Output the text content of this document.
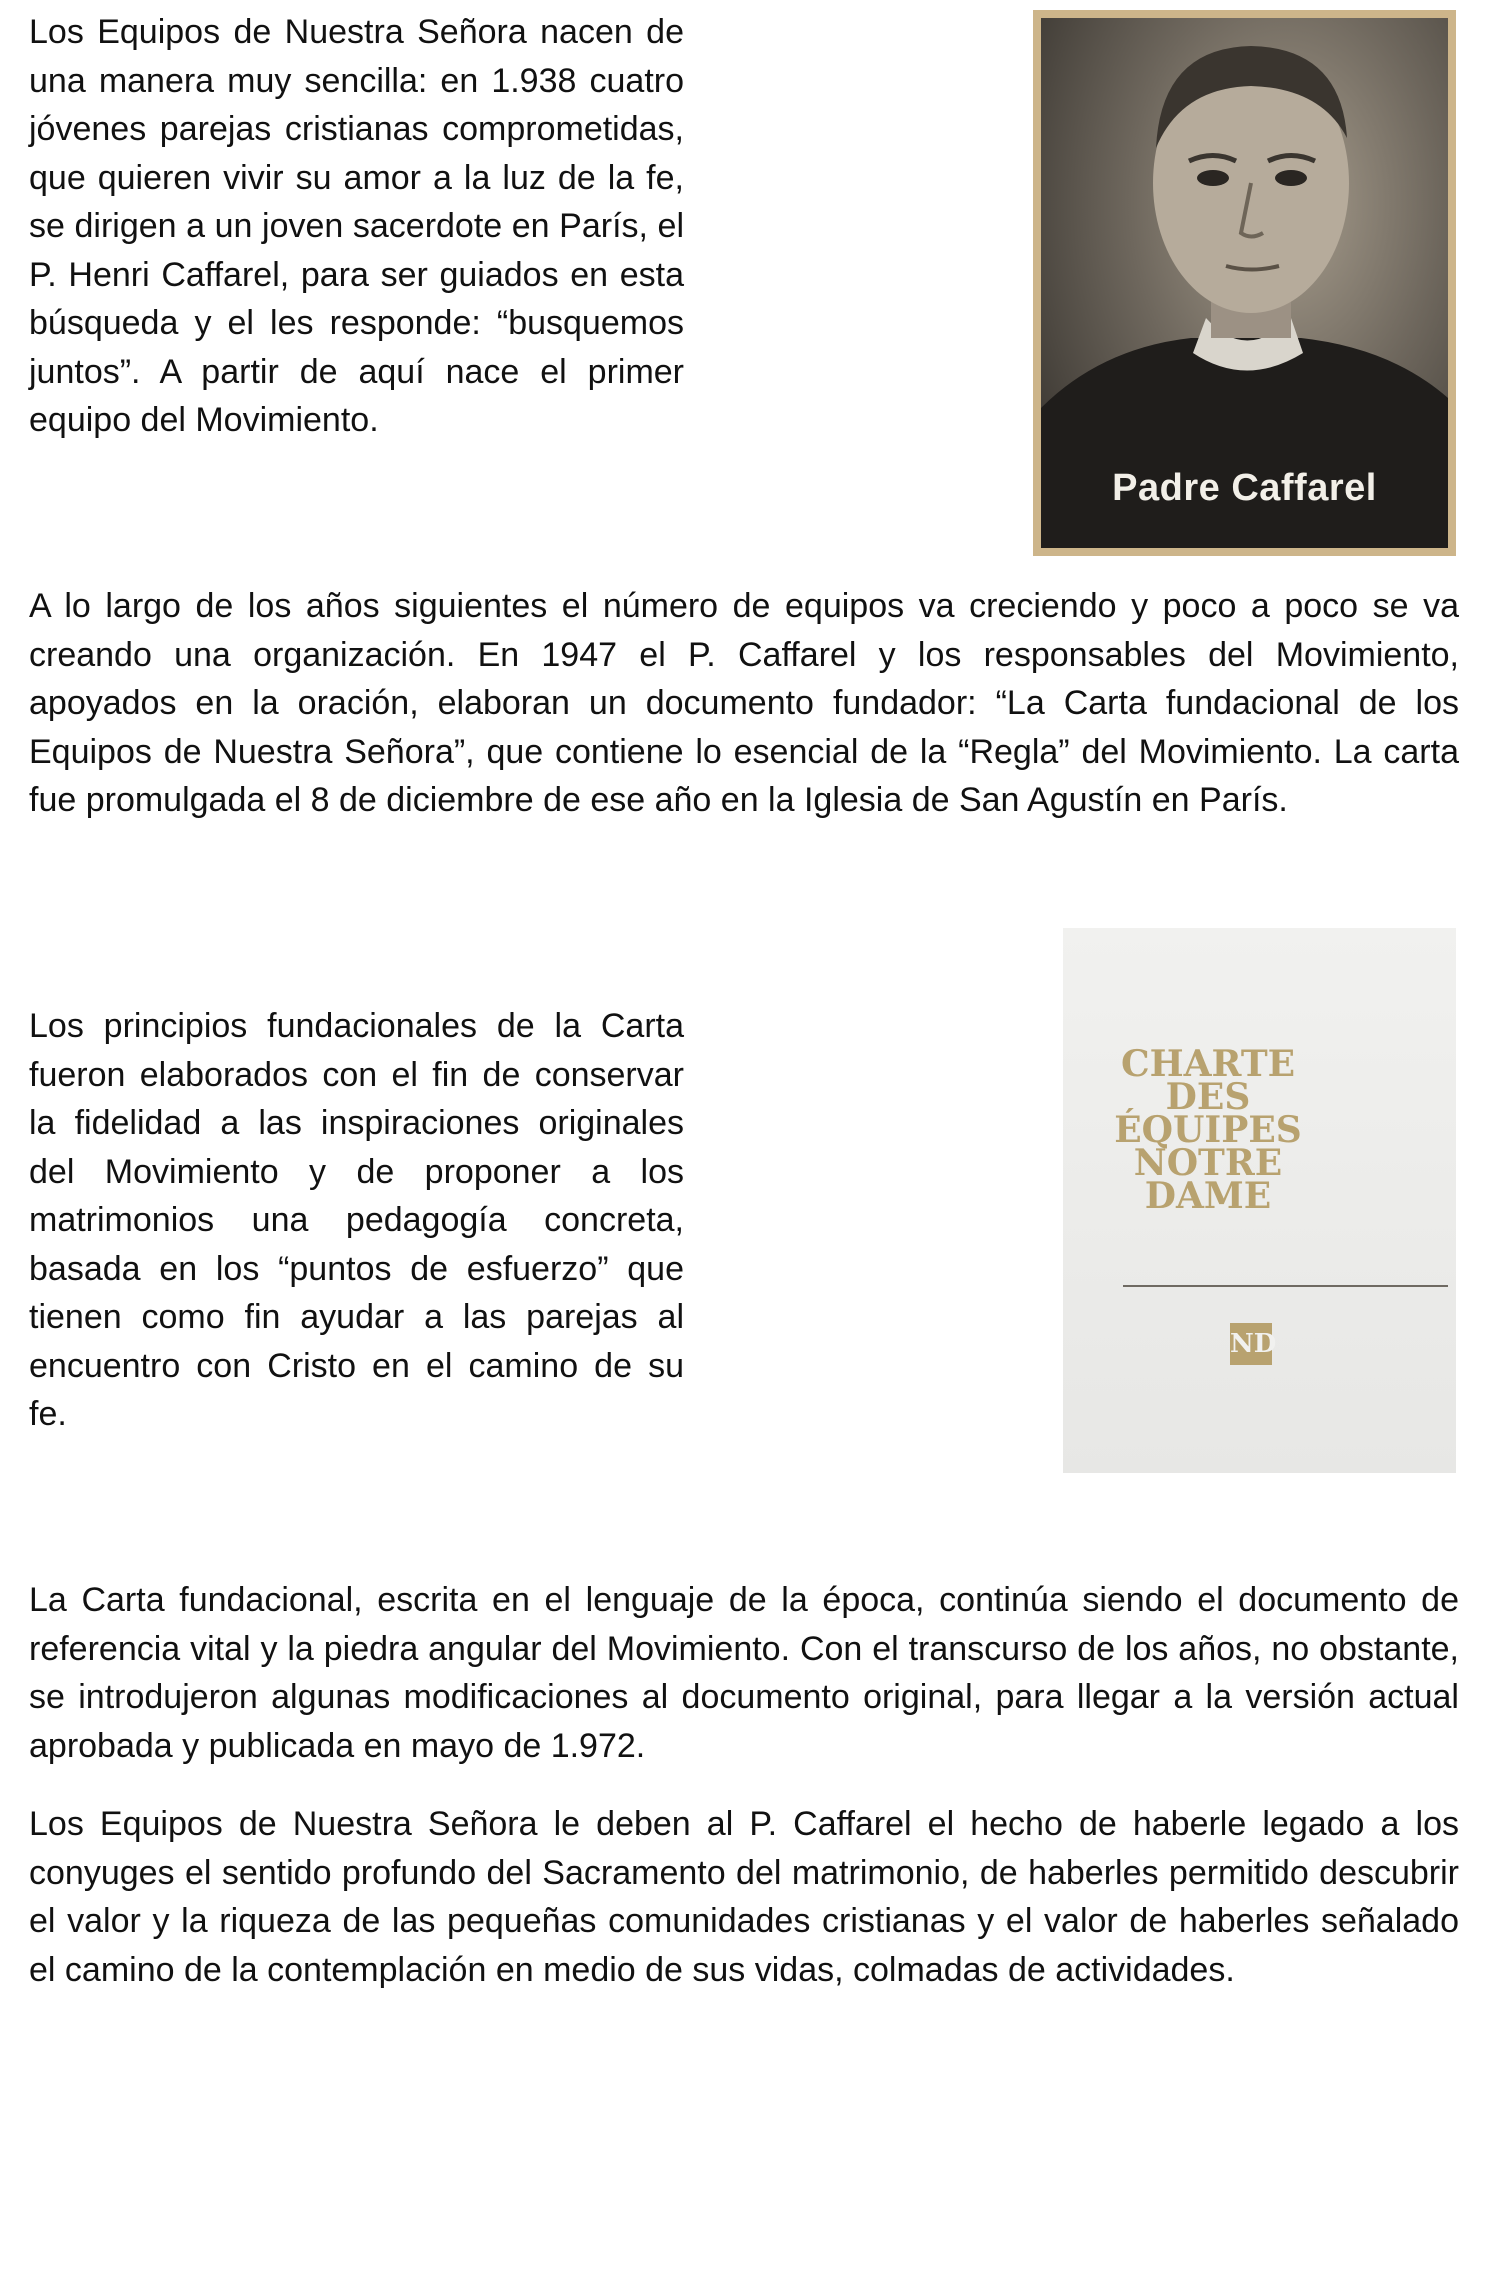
Los Equipos de Nuestra Señora nacen de una manera muy sencilla: en 1.938 cuatro jóvenes parejas cristianas comprometidas, que quieren vivir su amor a la luz de la fe, se dirigen a un joven sacerdote en París, el P. Henri Caffarel, para ser guiados en esta búsqueda y el les responde: “busquemos juntos”. A partir de aquí nace el primer equipo del Movimiento.

Padre Caffarel

A lo largo de los años siguientes el número de equipos va creciendo y poco a poco se va creando una organización. En 1947 el P. Caffarel y los responsables del Movimiento, apoyados en la oración, elaboran un documento fundador: “La Carta fundacional de los Equipos de Nuestra Señora”, que contiene lo esencial de la “Regla” del Movimiento. La carta fue promulgada el 8 de diciembre de ese año en la Iglesia de San Agustín en París.

Los principios fundacionales de la Carta fueron elaborados con el fin de conservar la fidelidad a las inspiraciones originales del Movimiento y de proponer a los matrimonios una pedagogía concreta, basada en los “puntos de esfuerzo” que tienen como fin ayudar a las parejas al encuentro con Cristo en el camino de su fe.

CHARTE
DES
ÉQUIPES
NOTRE
DAME
ND

La Carta fundacional, escrita en el lenguaje de la época, continúa siendo el documento de referencia vital y la piedra angular del Movimiento. Con el transcurso de los años, no obstante, se introdujeron algunas modificaciones al documento original, para llegar a la versión actual aprobada y publicada en mayo de 1.972.

Los Equipos de Nuestra Señora le deben al P. Caffarel el hecho de haberle legado a los conyuges el sentido profundo del Sacramento del matrimonio, de haberles permitido descubrir el valor y la riqueza de las pequeñas comunidades cristianas y el valor de haberles señalado el camino de la contemplación en medio de sus vidas, colmadas de actividades.
